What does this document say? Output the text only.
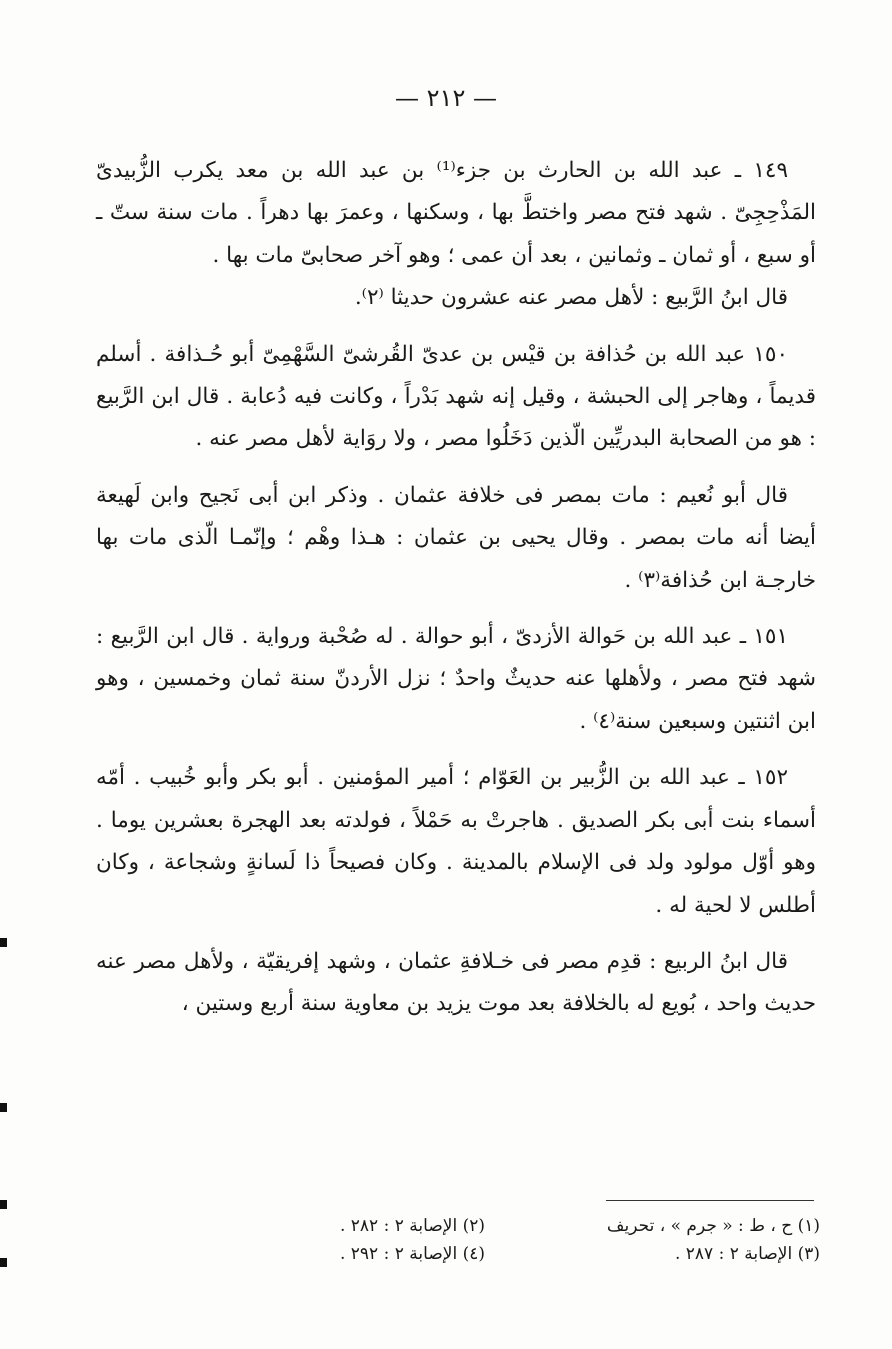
— ٢١٢ —

١٤٩ ـ عبد الله بن الحارث بن جزء⁽¹⁾ بن عبد الله بن معد يكرب الزُّبيدىّ المَذْحِجِىّ . شهد فتح مصر واختطَّ بها ، وسكنها ، وعمرَ بها دهراً . مات سنة ستّ ـ أو سبع ، أو ثمان ـ وثمانين ، بعد أن عمى ؛ وهو آخر صحابىّ مات بها .

قال ابنُ الرَّبيع : لأهل مصر عنه عشرون حديثا ⁽٢⁾.

١٥٠ عبد الله بن حُذافة بن قيْس بن عدىّ القُرشىّ السَّهْمِىّ أبو حُـذافة . أسلم قديماً ، وهاجر إلى الحبشة ، وقيل إنه شهد بَدْراً ، وكانت فيه دُعابة . قال ابن الرَّبيع : هو من الصحابة البدريِّين الّذين دَخَلُوا مصر ، ولا روَاية لأهل مصر عنه .

قال أبو نُعيم : مات بمصر فى خلافة عثمان . وذكر ابن أبى نَجيح وابن لَهيعة أيضا أنه مات بمصر . وقال يحيى بن عثمان : هـذا وهْم ؛ وإنّمـا الّذى مات بها خارجـة ابن حُذافة⁽٣⁾ .

١٥١ ـ عبد الله بن حَوالة الأزدىّ ، أبو حوالة . له صُحْبة ورواية . قال ابن الرَّبيع : شهد فتح مصر ، ولأهلها عنه حديثٌ واحدٌ ؛ نزل الأردنّ سنة ثمان وخمسين ، وهو ابن اثنتين وسبعين سنة⁽٤⁾ .

١٥٢ ـ عبد الله بن الزُّبير بن العَوّام ؛ أمير المؤمنين . أبو بكر وأبو خُبيب . أمّه أسماء بنت أبى بكر الصديق . هاجرتْ به حَمْلاً ، فولدته بعد الهجرة بعشرين يوما . وهو أوّل مولود ولد فى الإسلام بالمدينة . وكان فصيحاً ذا لَسانةٍ وشجاعة ، وكان أطلس لا لحية له .

قال ابنُ الربيع : قدِم مصر فى خـلافةِ عثمان ، وشهد إفريقيّة ، ولأهل مصر عنه حديث واحد ، بُويع له بالخلافة بعد موت يزيد بن معاوية سنة أربع وستين ،

(١) ح ، ط : « جرم » ، تحريف
(٢) الإصابة ٢ : ٢٨٢ .
(٣) الإصابة ٢ : ٢٨٧ .
(٤) الإصابة ٢ : ٢٩٢ .
